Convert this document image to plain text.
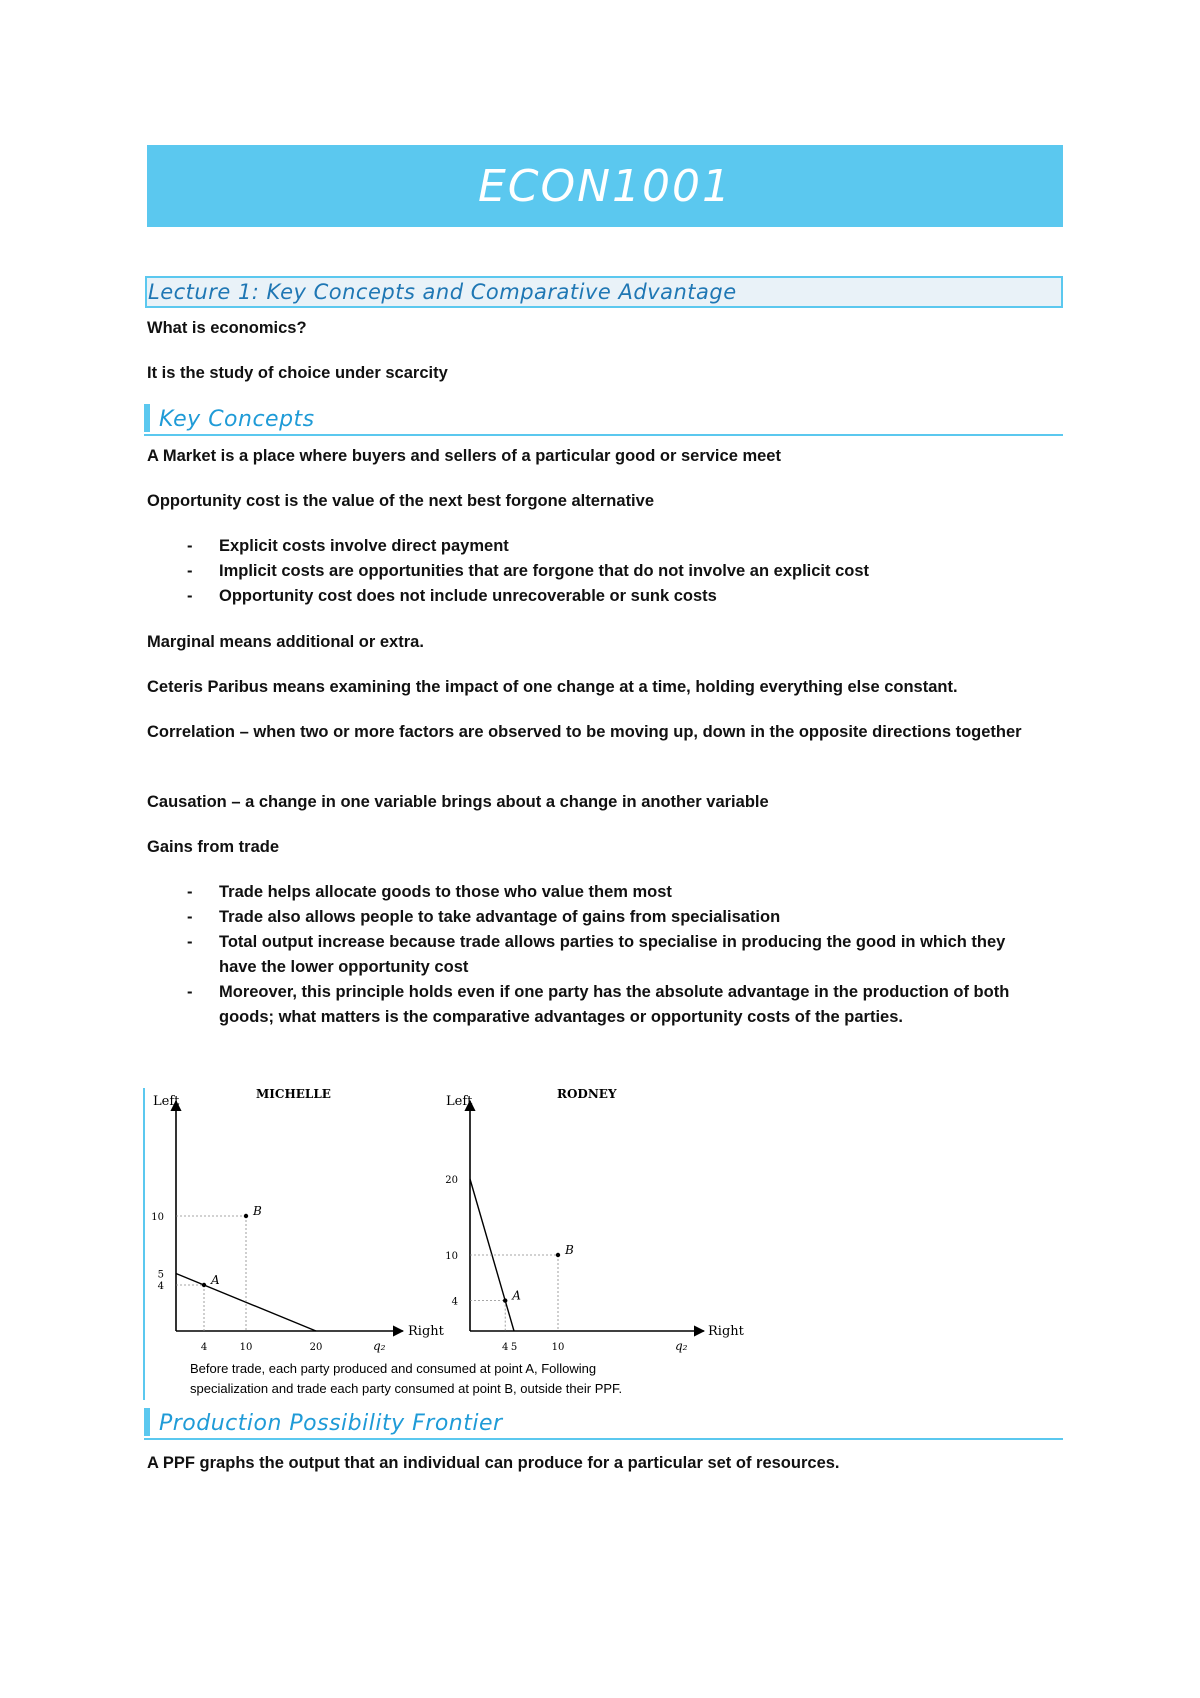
ECON1001
Lecture 1: Key Concepts and Comparative Advantage
What is economics?
It is the study of choice under scarcity
Key Concepts
A Market is a place where buyers and sellers of a particular good or service meet
Opportunity cost is the value of the next best forgone alternative
-	Explicit costs involve direct payment
-	Implicit costs are opportunities that are forgone that do not involve an explicit cost
-	Opportunity cost does not include unrecoverable or sunk costs
Marginal means additional or extra.
Ceteris Paribus means examining the impact of one change at a time, holding everything else constant.
Correlation – when two or more factors are observed to be moving up, down in the opposite directions together
Causation – a change in one variable brings about a change in another variable
Gains from trade
-	Trade helps allocate goods to those who value them most
-	Trade also allows people to take advantage of gains from specialisation
-	Total output increase because trade allows parties to specialise in producing the good in which they have the lower opportunity cost
-	Moreover, this principle holds even if one party has the absolute advantage in the production of both goods; what matters is the comparative advantages or opportunity costs of the parties.
Left	MICHELLE
Right
q₂
A
B
10
5
4
4	10	20
Left	RODNEY
Right
q₂
A
B
20
10
4
4 5	10
Before trade, each party produced and consumed at point A, Following
specialization and trade each party consumed at point B, outside their PPF.
Production Possibility Frontier
A PPF graphs the output that an individual can produce for a particular set of resources.
